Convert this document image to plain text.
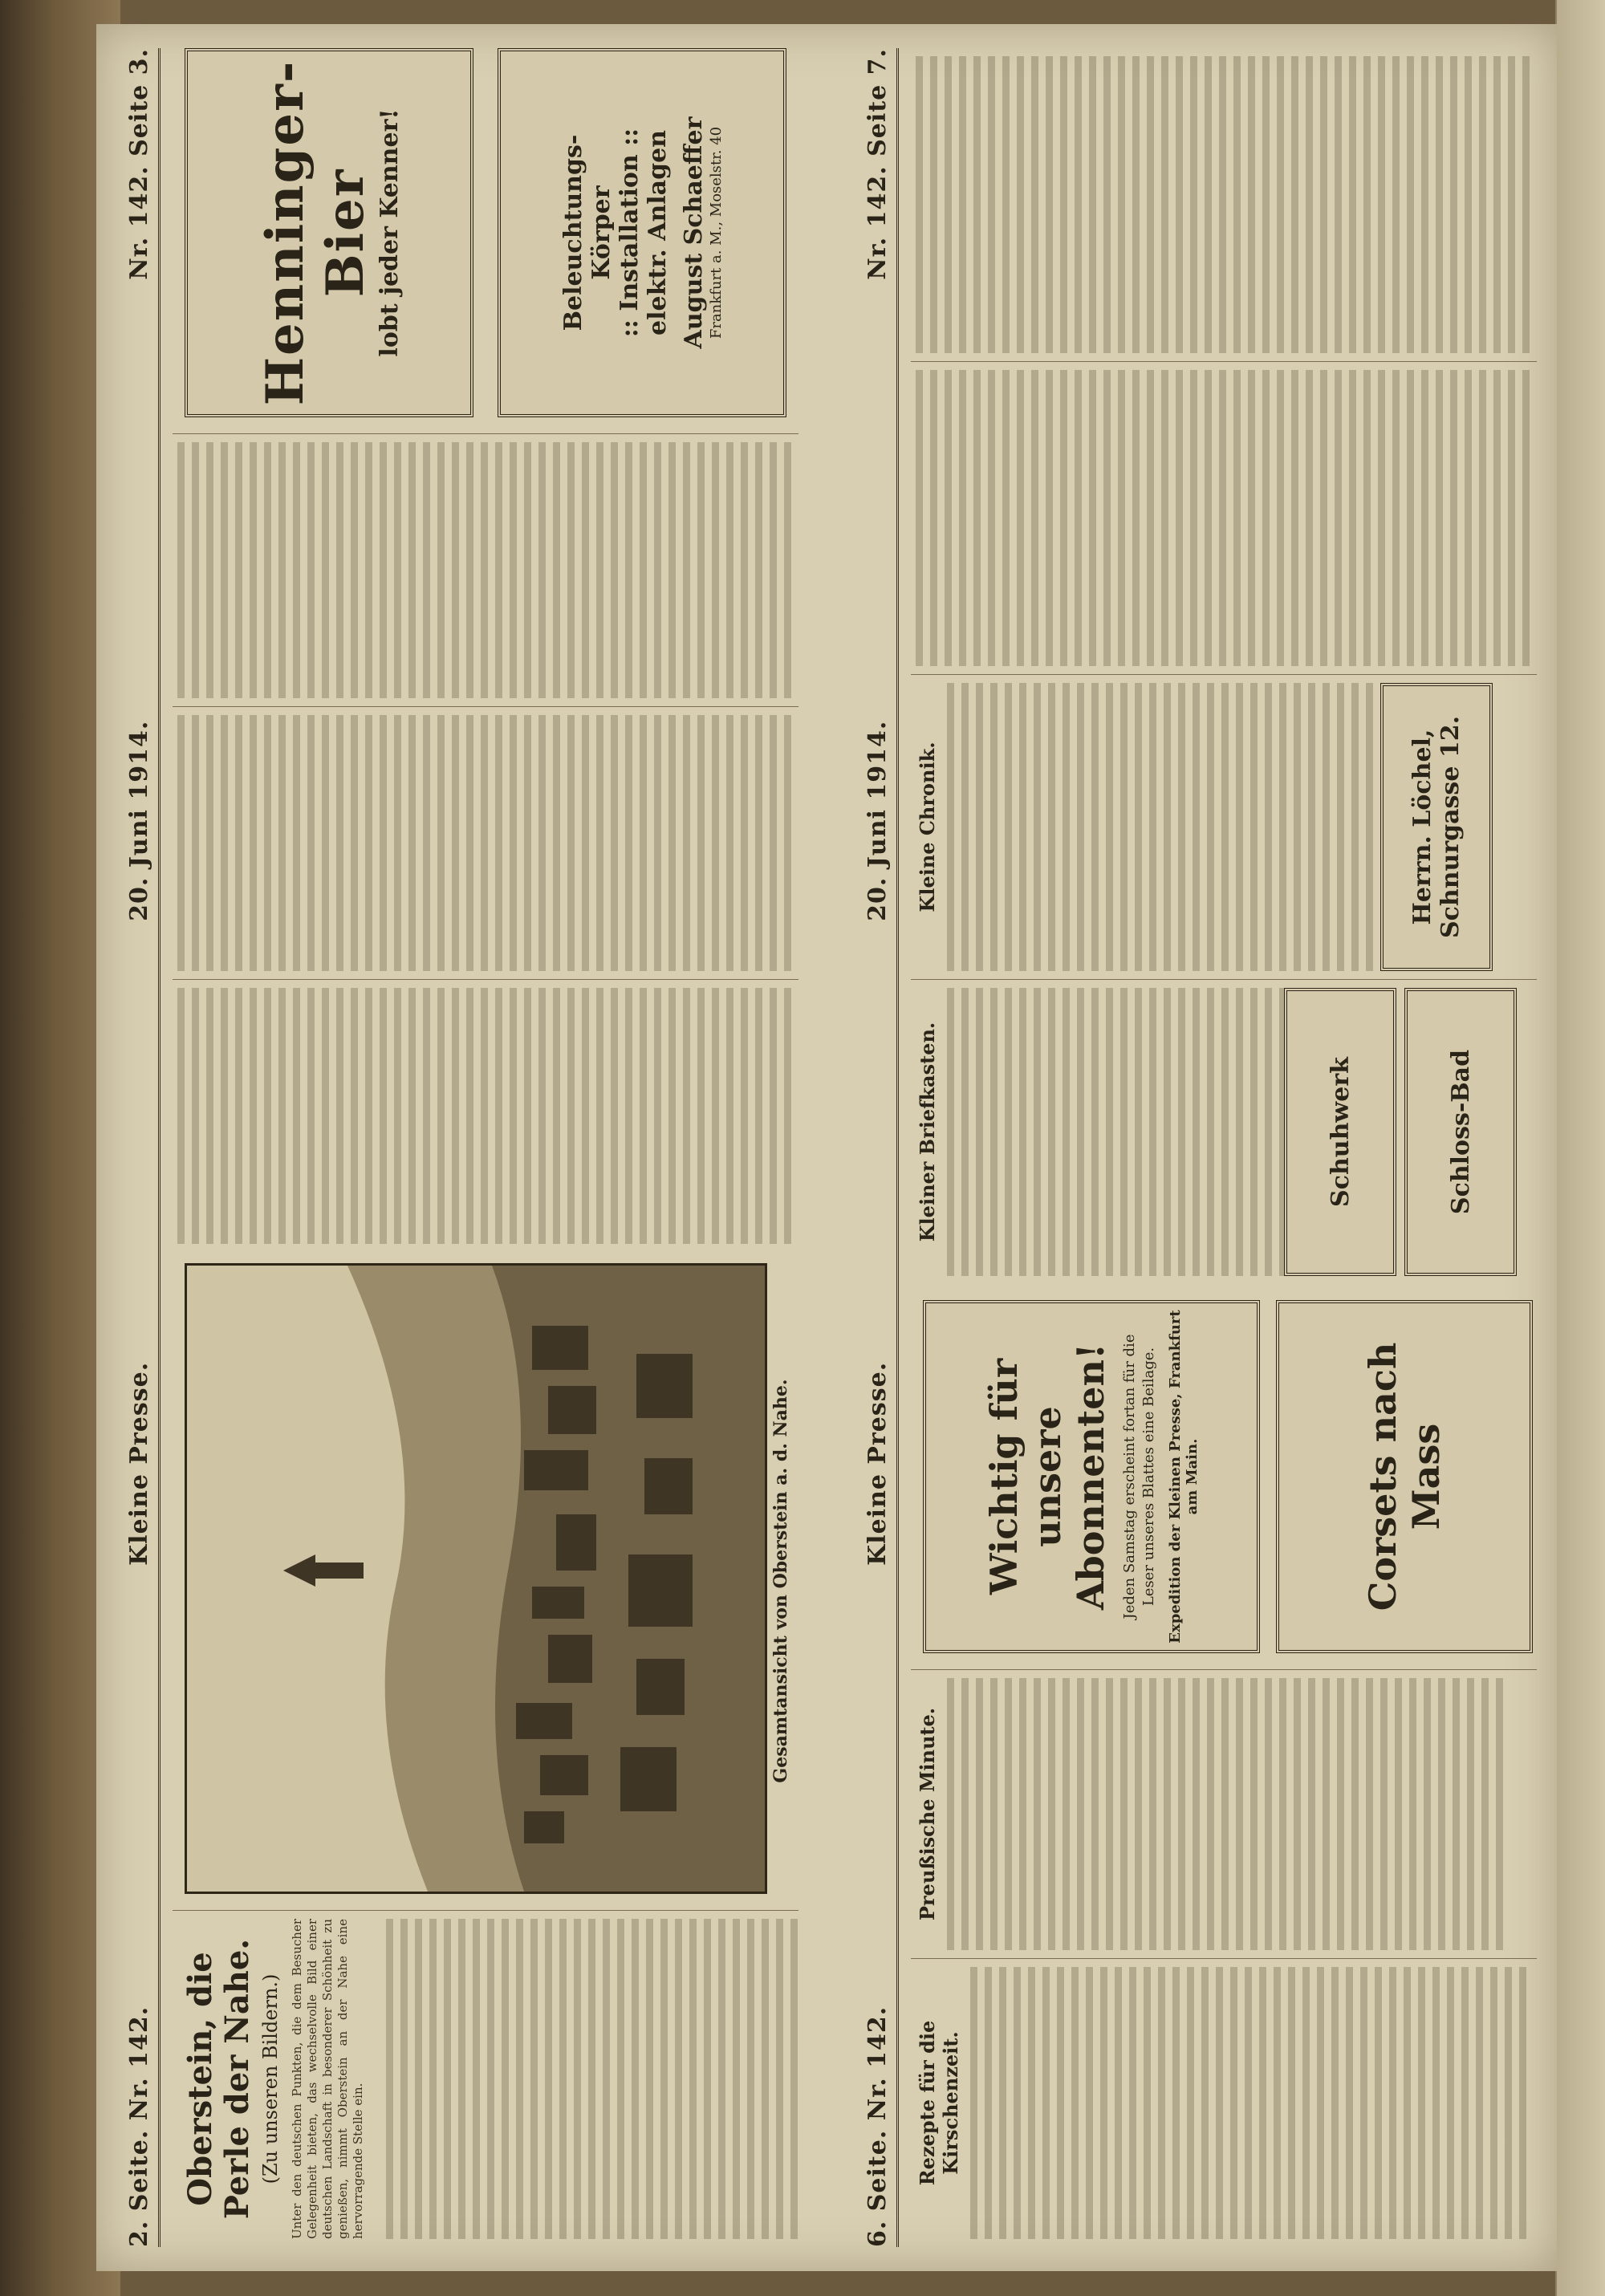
2. Seite. Nr. 142.
Kleine Presse.
20. Juni 1914.
Nr. 142. Seite 3.
Oberstein, die Perle der Nahe. (Zu unseren Bildern.) Unter den deutschen Punkten, die dem Besucher Gelegenheit bieten, das wechselvolle Bild einer deutschen Landschaft in besonderer Schönheit zu genießen, nimmt Oberstein an der Nahe eine hervorragende Stelle ein.
Gesamtansicht von Oberstein a. d. Nahe.
Henninger-Bier lobt jeder Kenner!	Beleuchtungs- Körper :: Installation :: elektr. Anlagen August Schaeffer Frankfurt a. M., Moselstr. 40
6. Seite. Nr. 142.
Kleine Presse.
20. Juni 1914.
Nr. 142. Seite 7.
Rezepte für die Kirschenzeit.
Preußische Minute.
Wichtig für unsere Abonnenten! Jeden Samstag erscheint fortan für die Leser unseres Blattes eine Beilage. Expedition der Kleinen Presse, Frankfurt am Main.	Corsets nach Mass
Kleiner Briefkasten.	Schuhwerk	Schloss-Bad
Kleine Chronik.	Herrn. Löchel, Schnurgasse 12.
